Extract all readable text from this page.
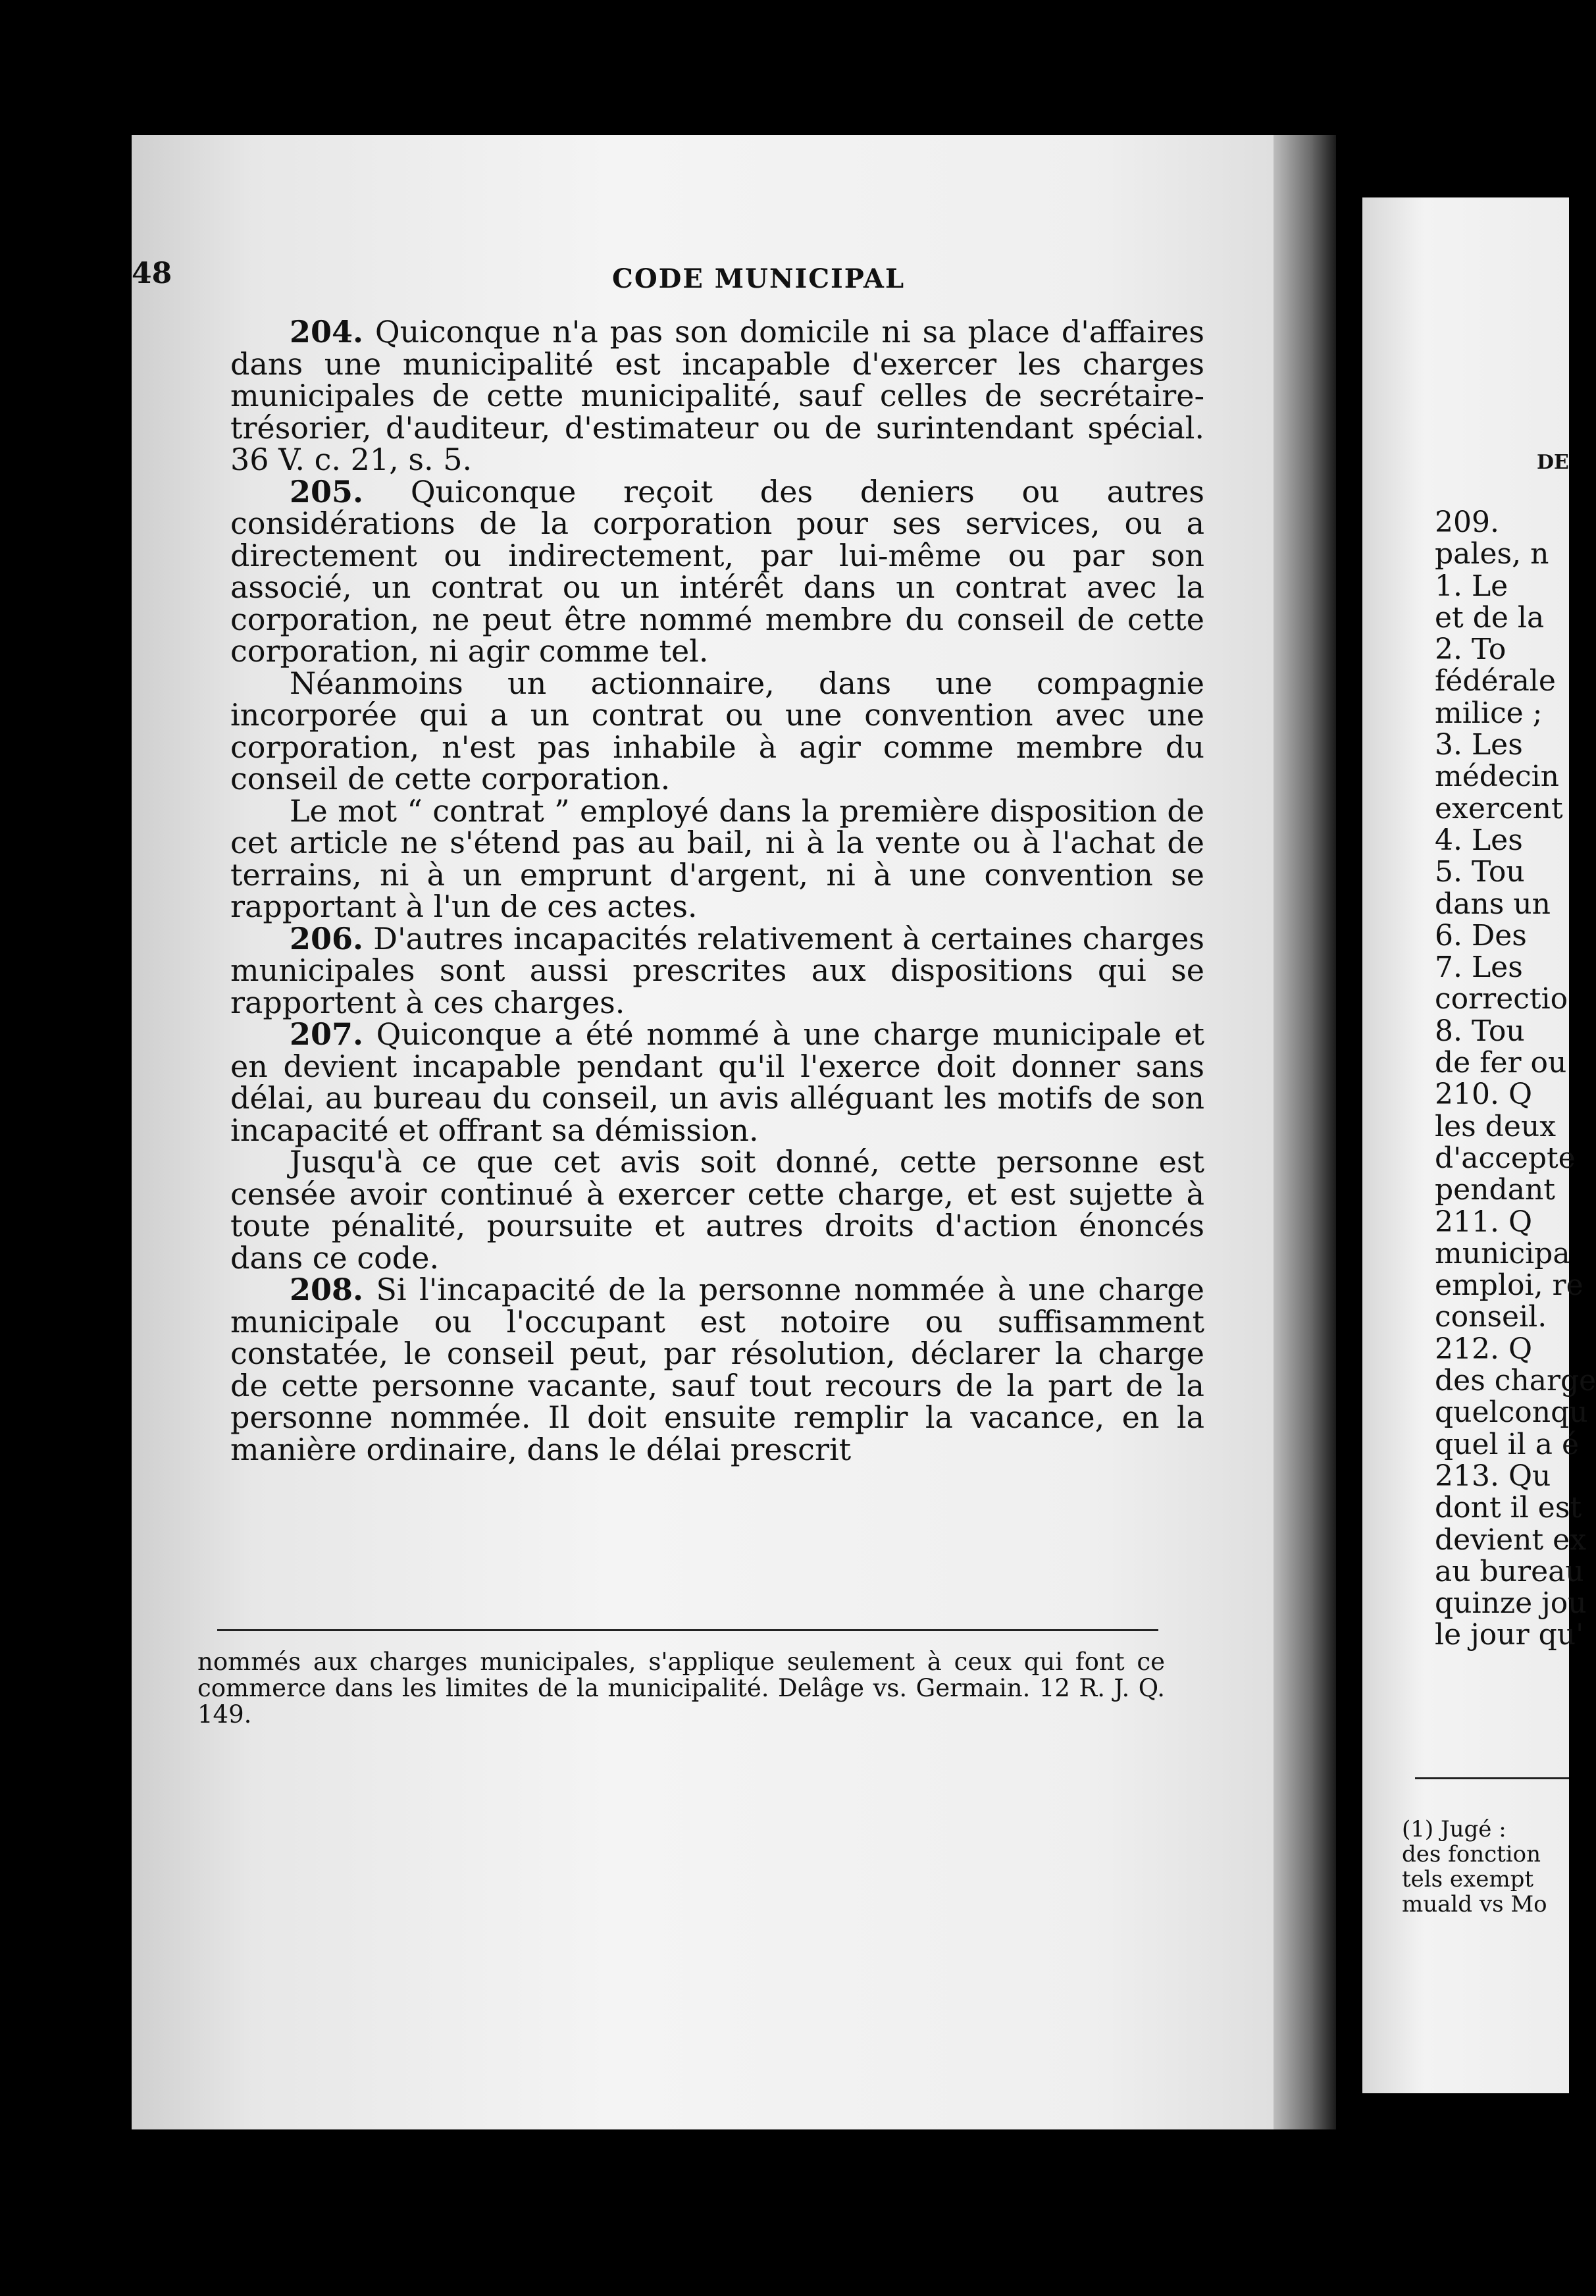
48	CODE MUNICIPAL

204. Quiconque n'a pas son domicile ni sa place d'affaires dans une municipalité est incapable d'exercer les charges municipales de cette municipalité, sauf celles de secrétaire-trésorier, d'auditeur, d'estimateur ou de surintendant spécial. 36 V. c. 21, s. 5.

205. Quiconque reçoit des deniers ou autres considérations de la corporation pour ses services, ou a directement ou indirectement, par lui-même ou par son associé, un contrat ou un intérêt dans un contrat avec la corporation, ne peut être nommé membre du conseil de cette corporation, ni agir comme tel.

Néanmoins un actionnaire, dans une compagnie incorporée qui a un contrat ou une convention avec une corporation, n'est pas inhabile à agir comme membre du conseil de cette corporation.

Le mot “ contrat ” employé dans la première disposition de cet article ne s'étend pas au bail, ni à la vente ou à l'achat de terrains, ni à un emprunt d'argent, ni à une convention se rapportant à l'un de ces actes.

206. D'autres incapacités relativement à certaines charges municipales sont aussi prescrites aux dispositions qui se rapportent à ces charges.

207. Quiconque a été nommé à une charge municipale et en devient incapable pendant qu'il l'exerce doit donner sans délai, au bureau du conseil, un avis alléguant les motifs de son incapacité et offrant sa démission.

Jusqu'à ce que cet avis soit donné, cette personne est censée avoir continué à exercer cette charge, et est sujette à toute pénalité, poursuite et autres droits d'action énoncés dans ce code.

208. Si l'incapacité de la personne nommée à une charge municipale ou l'occupant est notoire ou suffisamment constatée, le conseil peut, par résolution, déclarer la charge de cette personne vacante, sauf tout recours de la part de la personne nommée. Il doit ensuite remplir la vacance, en la manière ordinaire, dans le délai prescrit

nommés aux charges municipales, s'applique seulement à ceux qui font ce commerce dans les limites de la municipalité. Delâge vs. Germain. 12 R. J. Q. 149.
DE
209.
pales, n
1. Le
et de la
2. To
fédérale
milice ;
3. Les
médecin
exercent
4. Les
5. Tou
dans un
6. Des
7. Les
correctio
8. Tou
de fer ou
210. Q
les deux
d'accepte
pendant
211. Q
municipa
emploi, re
conseil.
212. Q
des charge
quelconqu
quel il a é
213. Qu
dont il est
devient ex
au bureau
quinze jou
le jour qu'
(1) Jugé :
des fonction
tels exempt
muald vs Mo
